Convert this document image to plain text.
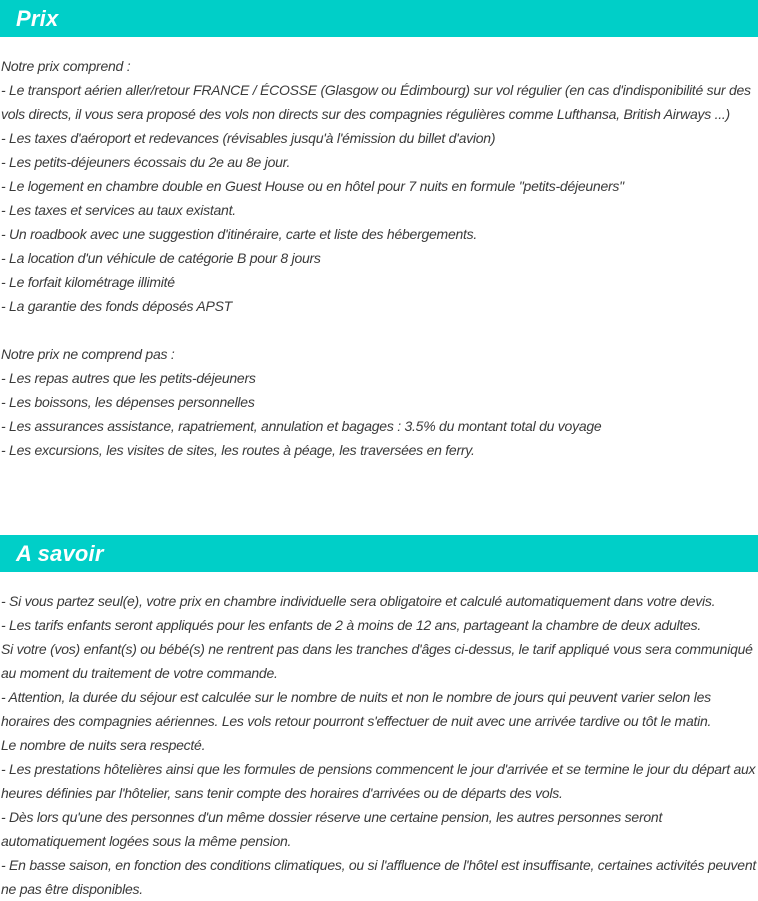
Prix
Notre prix comprend :
- Le transport aérien aller/retour FRANCE / ÉCOSSE (Glasgow ou Édimbourg) sur vol régulier (en cas d'indisponibilité sur des vols directs, il vous sera proposé des vols non directs sur des compagnies régulières comme Lufthansa, British Airways ...)
- Les taxes d'aéroport et redevances (révisables jusqu'à l'émission du billet d'avion)
- Les petits-déjeuners écossais du 2e au 8e jour.
- Le logement en chambre double en Guest House ou en hôtel pour 7 nuits en formule "petits-déjeuners"
- Les taxes et services au taux existant.
- Un roadbook avec une suggestion d'itinéraire, carte et liste des hébergements.
- La location d'un véhicule de catégorie B pour 8 jours
- Le forfait kilométrage illimité
- La garantie des fonds déposés APST
Notre prix ne comprend pas :
- Les repas autres que les petits-déjeuners
- Les boissons, les dépenses personnelles
- Les assurances assistance, rapatriement, annulation et bagages : 3.5% du montant total du voyage
- Les excursions, les visites de sites, les routes à péage, les traversées en ferry.
A savoir
- Si vous partez seul(e), votre prix en chambre individuelle sera obligatoire et calculé automatiquement dans votre devis.
- Les tarifs enfants seront appliqués pour les enfants de 2 à moins de 12 ans, partageant la chambre de deux adultes.
Si votre (vos) enfant(s) ou bébé(s) ne rentrent pas dans les tranches d'âges ci-dessus, le tarif appliqué vous sera communiqué au moment du traitement de votre commande.
- Attention, la durée du séjour est calculée sur le nombre de nuits et non le nombre de jours qui peuvent varier selon les horaires des compagnies aériennes. Les vols retour pourront s'effectuer de nuit avec une arrivée tardive ou tôt le matin.
Le nombre de nuits sera respecté.
- Les prestations hôtelières ainsi que les formules de pensions commencent le jour d'arrivée et se termine le jour du départ aux heures définies par l'hôtelier, sans tenir compte des horaires d'arrivées ou de départs des vols.
- Dès lors qu'une des personnes d'un même dossier réserve une certaine pension, les autres personnes seront automatiquement logées sous la même pension.
- En basse saison, en fonction des conditions climatiques, ou si l'affluence de l'hôtel est insuffisante, certaines activités peuvent ne pas être disponibles.
